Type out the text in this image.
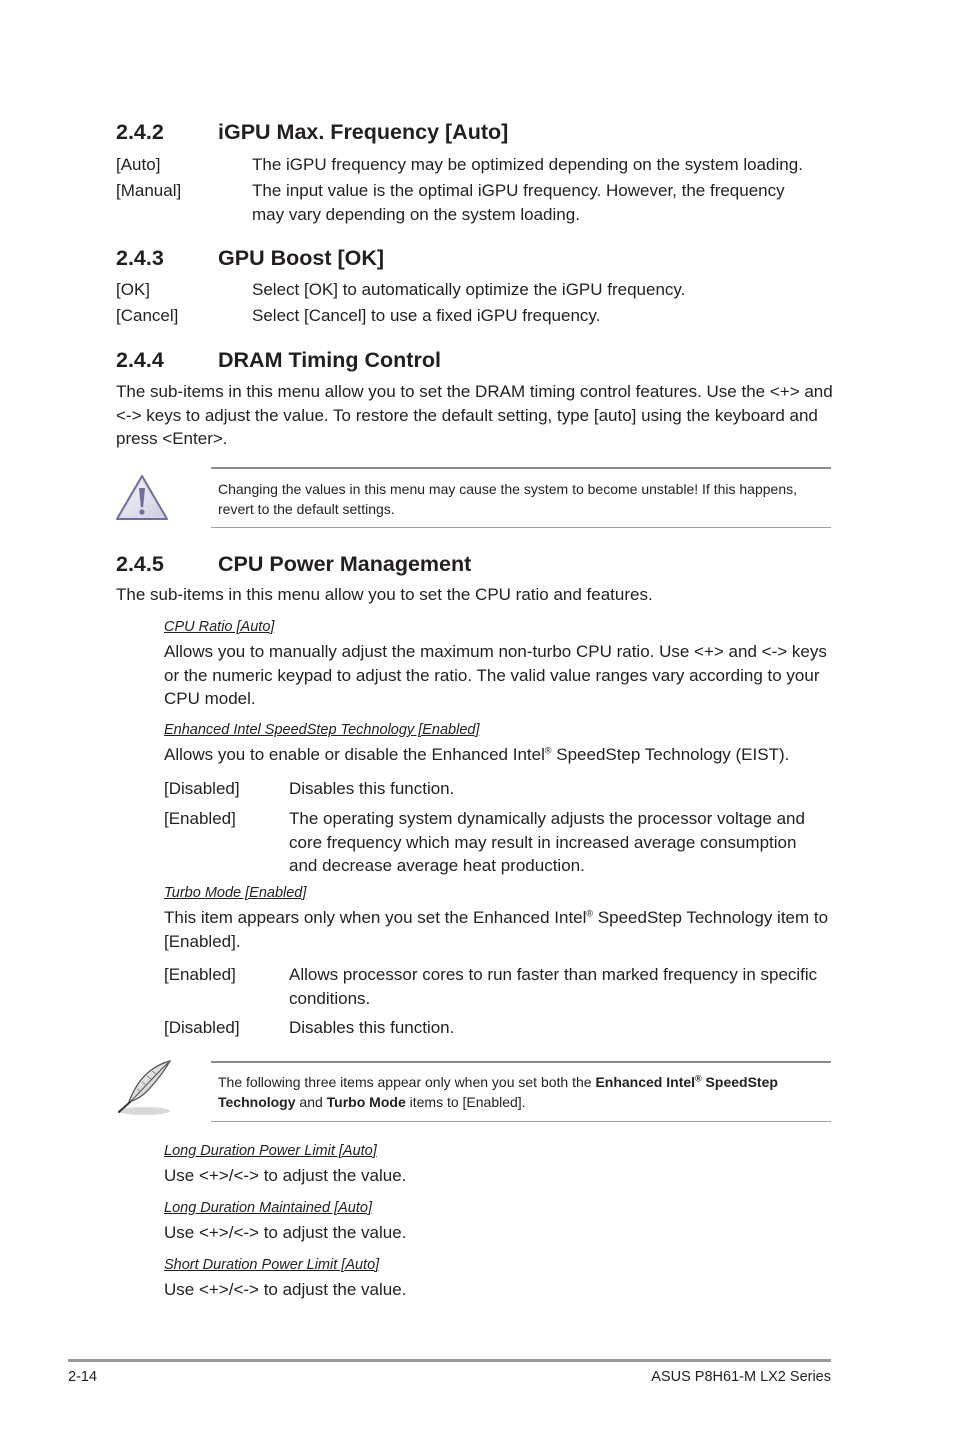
2.4.2	iGPU Max. Frequency [Auto]
[Auto]	The iGPU frequency may be optimized depending on the system loading.
[Manual]	The input value is the optimal iGPU frequency. However, the frequency may vary depending on the system loading.
2.4.3	GPU Boost [OK]
[OK]	Select [OK] to automatically optimize the iGPU frequency.
[Cancel]	Select [Cancel] to use a fixed iGPU frequency.
2.4.4	DRAM Timing Control
The sub-items in this menu allow you to set the DRAM timing control features. Use the <+> and <-> keys to adjust the value. To restore the default setting, type [auto] using the keyboard and press <Enter>.
Changing the values in this menu may cause the system to become unstable! If this happens, revert to the default settings.
2.4.5	CPU Power Management
The sub-items in this menu allow you to set the CPU ratio and features.
CPU Ratio [Auto]
Allows you to manually adjust the maximum non-turbo CPU ratio. Use <+> and <-> keys or the numeric keypad to adjust the ratio. The valid value ranges vary according to your CPU model.
Enhanced Intel SpeedStep Technology [Enabled]
Allows you to enable or disable the Enhanced Intel® SpeedStep Technology (EIST).
[Disabled]	Disables this function.
[Enabled]	The operating system dynamically adjusts the processor voltage and core frequency which may result in increased average consumption and decrease average heat production.
Turbo Mode [Enabled]
This item appears only when you set the Enhanced Intel® SpeedStep Technology item to [Enabled].
[Enabled]	Allows processor cores to run faster than marked frequency in specific conditions.
[Disabled]	Disables this function.
The following three items appear only when you set both the Enhanced Intel® SpeedStep Technology and Turbo Mode items to [Enabled].
Long Duration Power Limit [Auto]
Use <+>/<-> to adjust the value.
Long Duration Maintained [Auto]
Use <+>/<-> to adjust the value.
Short Duration Power Limit [Auto]
Use <+>/<-> to adjust the value.
2-14	ASUS P8H61-M LX2 Series
